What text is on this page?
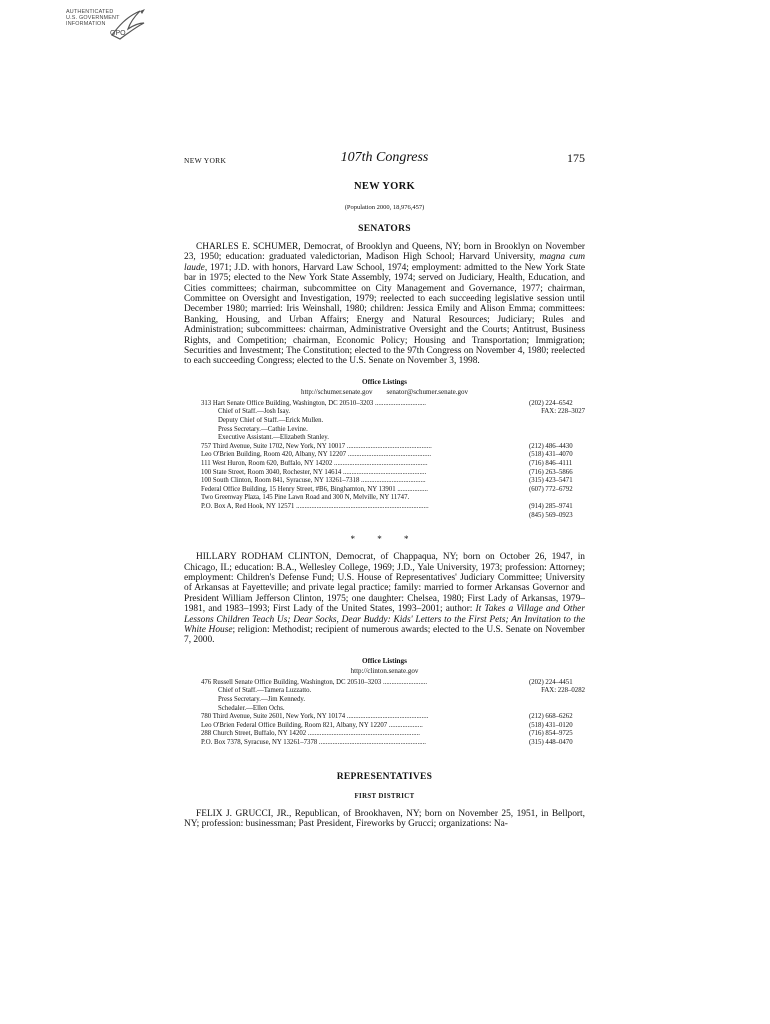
AUTHENTICATED
U.S. GOVERNMENT
INFORMATION
GPO
NEW YORK	107th Congress	175
NEW YORK
(Population 2000, 18,976,457)
SENATORS

CHARLES E. SCHUMER, Democrat, of Brooklyn and Queens, NY; born in Brooklyn on November 23, 1950; education: graduated valedictorian, Madison High School; Harvard University, magna cum laude, 1971; J.D. with honors, Harvard Law School, 1974; employment: admitted to the New York State bar in 1975; elected to the New York State Assembly, 1974; served on Judiciary, Health, Education, and Cities committees; chairman, subcommittee on City Management and Governance, 1977; chairman, Committee on Oversight and Investigation, 1979; reelected to each succeeding legislative session until December 1980; married: Iris Weinshall, 1980; children: Jessica Emily and Alison Emma; committees: Banking, Housing, and Urban Affairs; Energy and Natural Resources; Judiciary; Rules and Administration; subcommittees: chairman, Administrative Oversight and the Courts; Antitrust, Business Rights, and Competition; chairman, Economic Policy; Housing and Transportation; Immigration; Securities and Investment; The Constitution; elected to the 97th Congress on November 4, 1980; reelected to each succeeding Congress; elected to the U.S. Senate on November 3, 1998.

Office Listings
http://schumer.senate.gov senator@schumer.senate.gov
313 Hart Senate Office Building, Washington, DC 20510–3203 ..............................	(202) 224–6542
Chief of Staff.—Josh Isay.	FAX: 228–3027
Deputy Chief of Staff.—Erick Mullen.
Press Secretary.—Cathie Levine.
Executive Assistant.—Elizabeth Stanley.
757 Third Avenue, Suite 1702, New York, NY 10017 ..................................................	(212) 486–4430
Leo O'Brien Building, Room 420, Albany, NY 12207 .................................................	(518) 431–4070
111 West Huron, Room 620, Buffalo, NY 14202 .......................................................	(716) 846–4111
100 State Street, Room 3040, Rochester, NY 14614 .................................................	(716) 263–5866
100 South Clinton, Room 841, Syracuse, NY 13261–7318 ......................................	(315) 423–5471
Federal Office Building, 15 Henry Street, #B6, Binghamton, NY 13901 ..................	(607) 772–6792
Two Greenway Plaza, 145 Pine Lawn Road and 300 N, Melville, NY 11747.
P.O. Box A, Red Hook, NY 12571 ..............................................................................	(914) 285–9741
(845) 569–0923
* * *

HILLARY RODHAM CLINTON, Democrat, of Chappaqua, NY; born on October 26, 1947, in Chicago, IL; education: B.A., Wellesley College, 1969; J.D., Yale University, 1973; profession: Attorney; employment: Children's Defense Fund; U.S. House of Representatives' Judiciary Committee; University of Arkansas at Fayetteville; and private legal practice; family: married to former Arkansas Governor and President William Jefferson Clinton, 1975; one daughter: Chelsea, 1980; First Lady of Arkansas, 1979–1981, and 1983–1993; First Lady of the United States, 1993–2001; author: It Takes a Village and Other Lessons Children Teach Us; Dear Socks, Dear Buddy: Kids' Letters to the First Pets; An Invitation to the White House; religion: Methodist; recipient of numerous awards; elected to the U.S. Senate on November 7, 2000.

Office Listings
http://clinton.senate.gov
476 Russell Senate Office Building, Washington, DC 20510–3203 ..........................	(202) 224–4451
Chief of Staff.—Tamera Luzzatto.	FAX: 228–0282
Press Secretary.—Jim Kennedy.
Schedaler.—Ellen Ochs.
780 Third Avenue, Suite 2601, New York, NY 10174 ................................................	(212) 668–6262
Leo O'Brien Federal Office Building, Room 821, Albany, NY 12207 ....................	(518) 431–0120
288 Church Street, Buffalo, NY 14202 ..................................................................	(716) 854–9725
P.O. Box 7378, Syracuse, NY 13261–7378 ...............................................................	(315) 448–0470
REPRESENTATIVES
FIRST DISTRICT

FELIX J. GRUCCI, JR., Republican, of Brookhaven, NY; born on November 25, 1951, in Bellport, NY; profession: businessman; Past President, Fireworks by Grucci; organizations: Na-
